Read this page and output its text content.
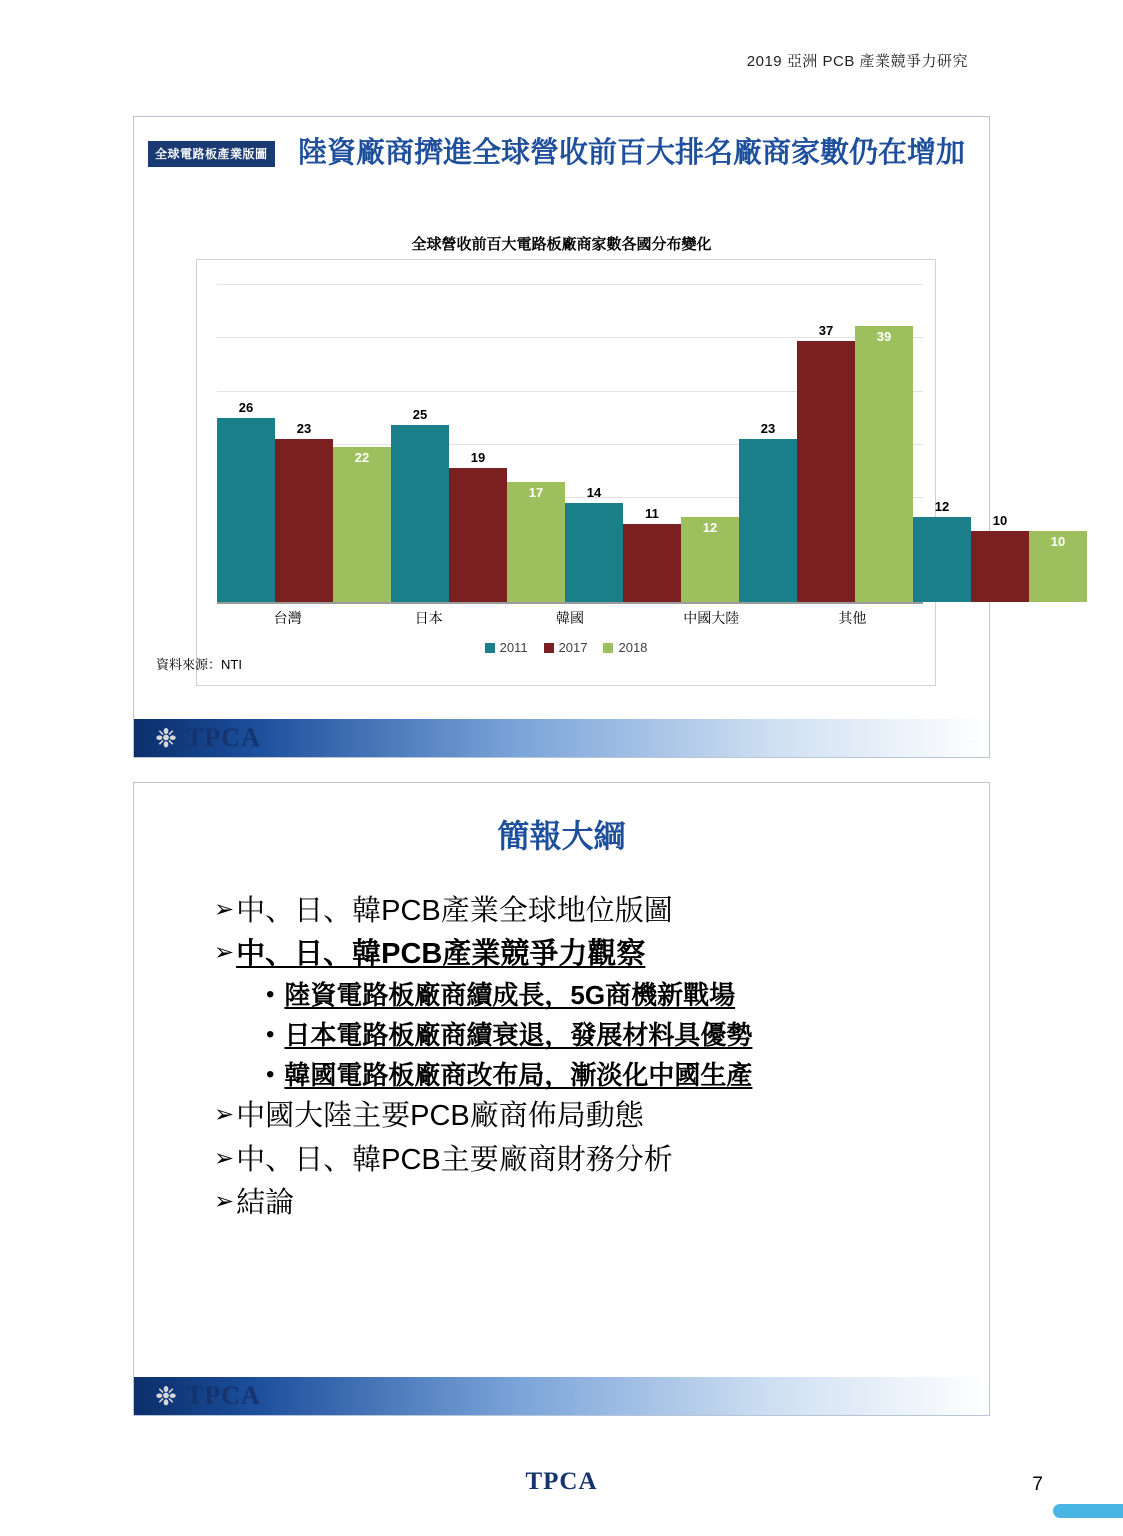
2019 亞洲 PCB 產業競爭力研究
全球電路板產業版圖 陸資廠商擠進全球營收前百大排名廠商家數仍在增加
全球營收前百大電路板廠商家數各國分布變化
26
23
22
25
19
17	14
11
12
23
37	39
12
10
10
台灣	日本	韓國	中國大陸	其他
2011 2017 2018
資料來源：NTI
❉ TPCA	6
簡報大綱
➢ 中、日、韓PCB產業全球地位版圖
➢ 中、日、韓PCB產業競爭力觀察
• 陸資電路板廠商續成長，5G商機新戰場
• 日本電路板廠商續衰退，發展材料具優勢
• 韓國電路板廠商改布局，漸淡化中國生產
➢ 中國大陸主要PCB廠商佈局動態
➢ 中、日、韓PCB主要廠商財務分析
➢ 結論
❉ TPCA	7
TPCA	7
